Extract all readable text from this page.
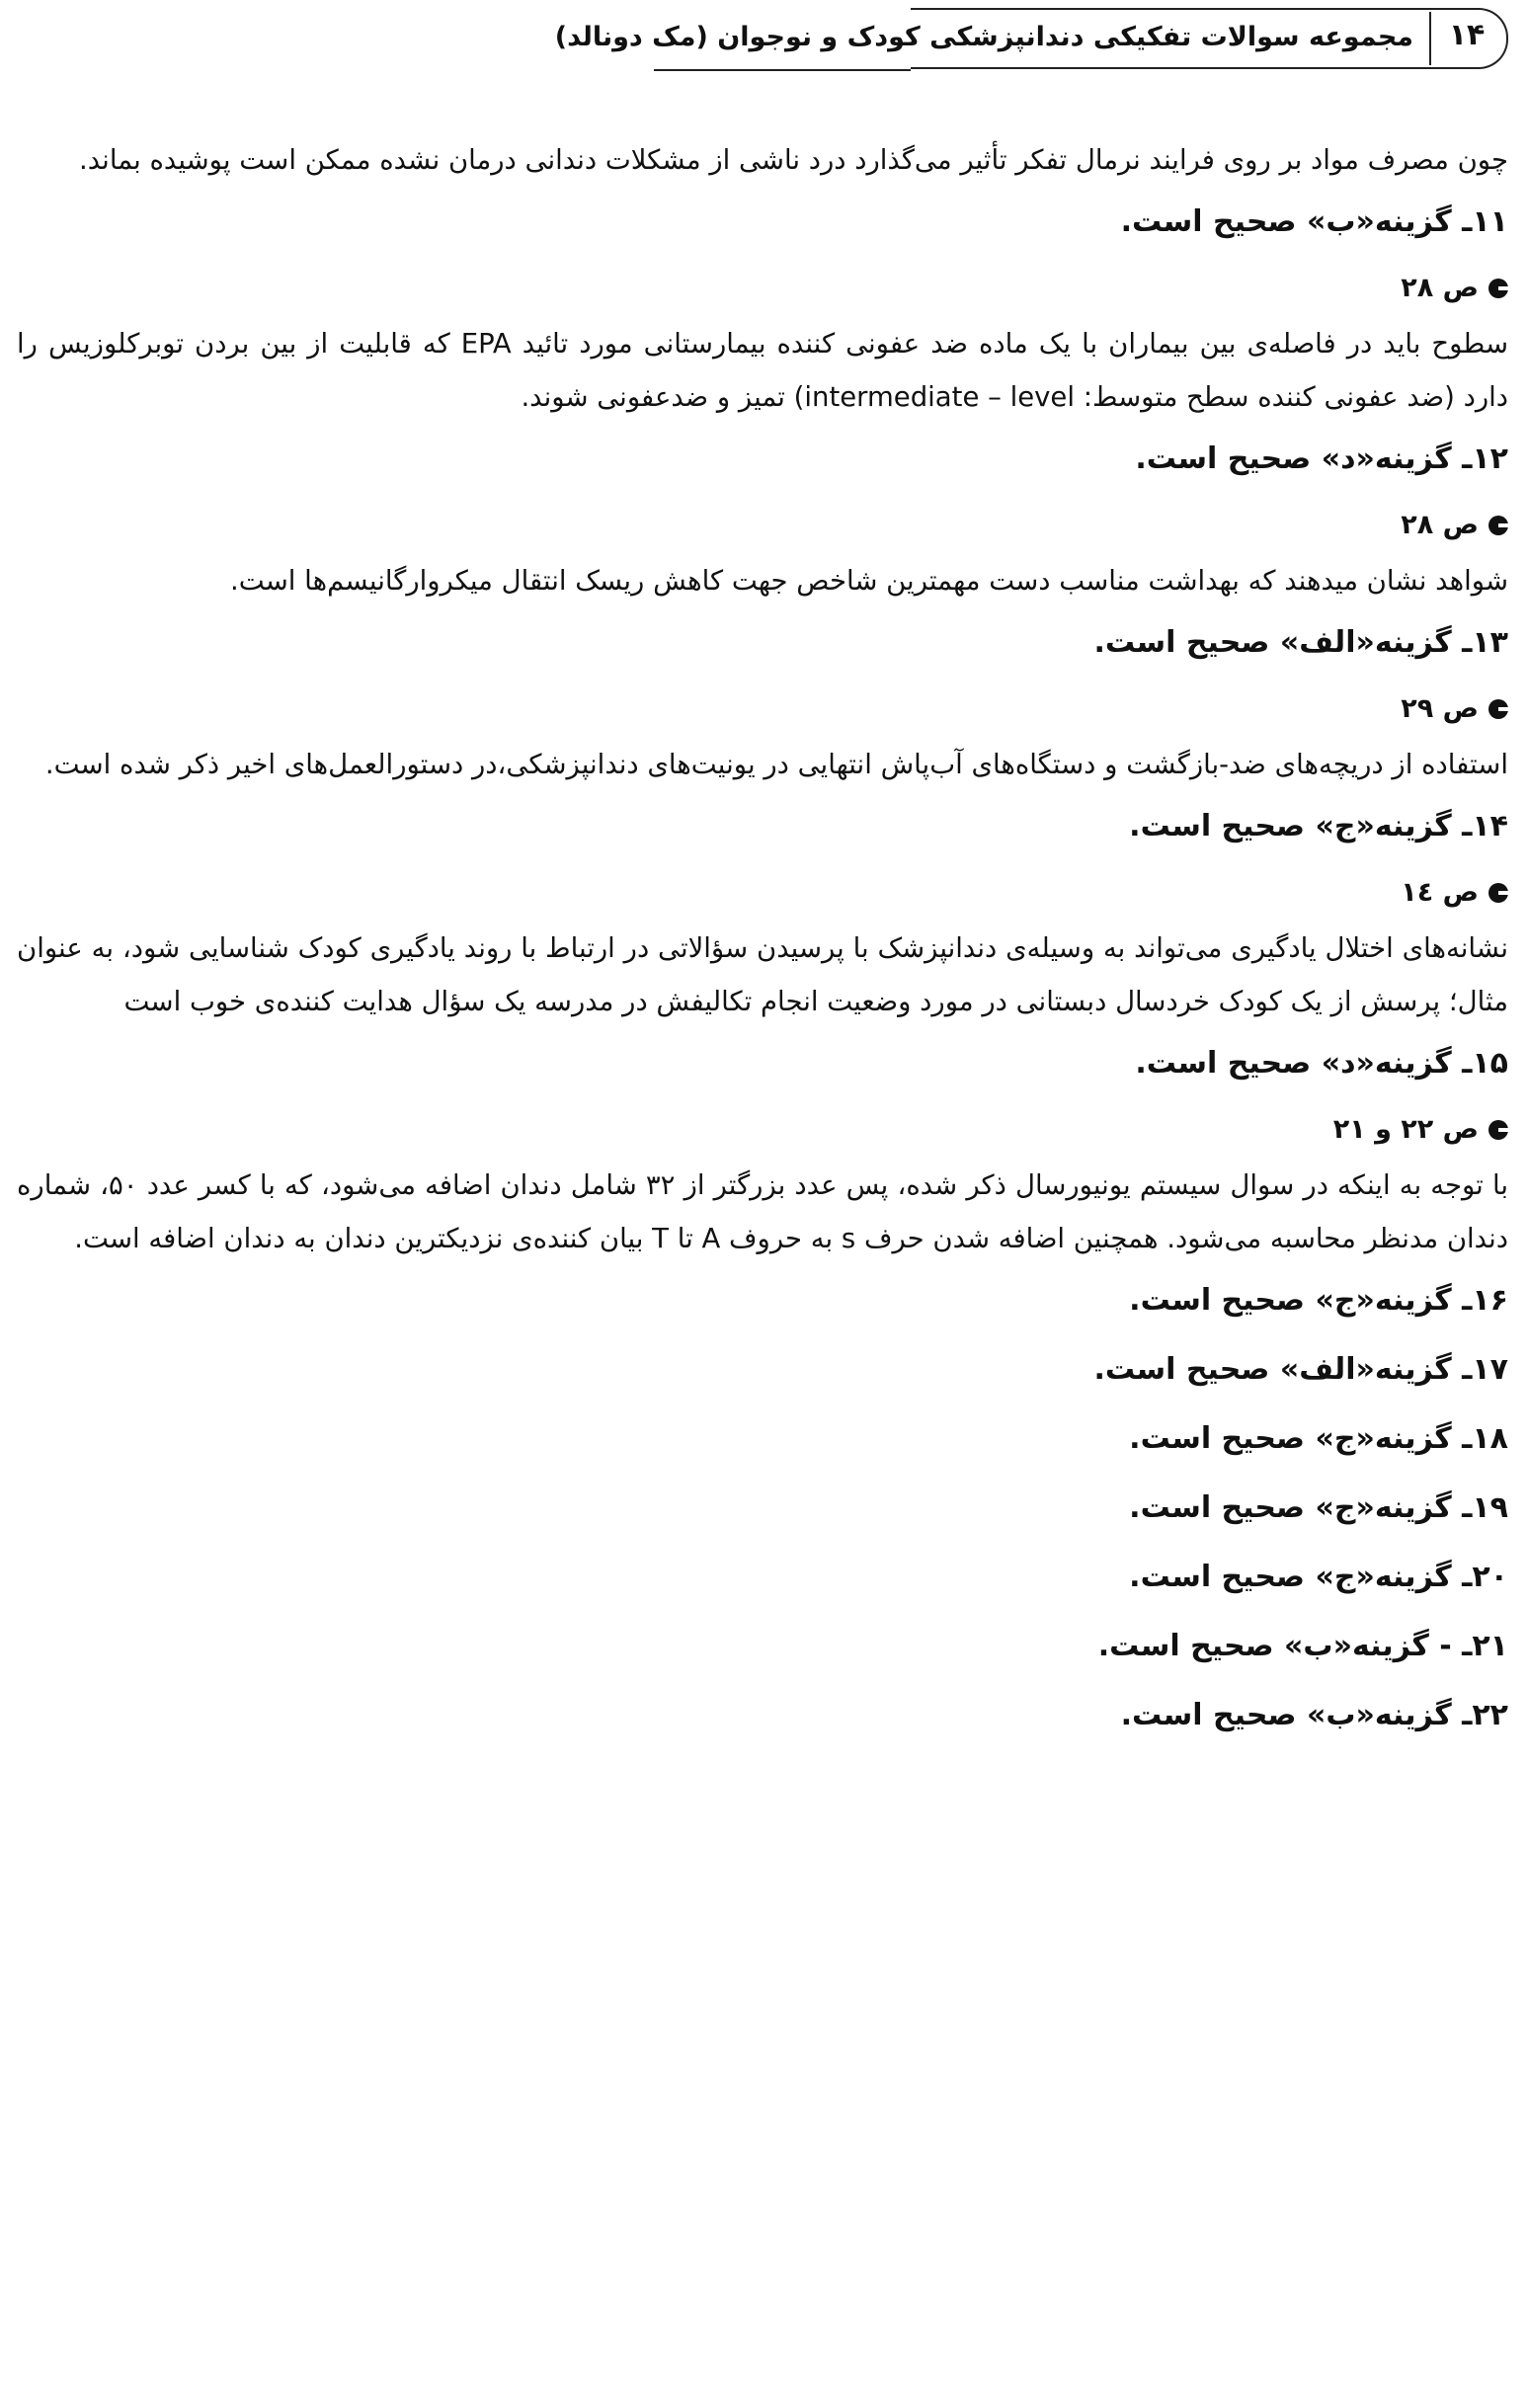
۱۴
مجموعه سوالات تفکیکی دندانپزشکی کودک و نوجوان (مک دونالد)

چون مصرف مواد بر روی فرایند نرمال تفکر تأثیر می‌گذارد درد ناشی از مشکلات دندانی درمان نشده ممکن است پوشیده بماند.

۱۱ـ گزینه«ب» صحیح است.
ص ۲۸

سطوح باید در فاصله‌ی بین بیماران با یک ماده ضد عفونی کننده بیمارستانی مورد تائید EPA که قابلیت از بین بردن توبرکلوزیس را دارد (ضد عفونی کننده سطح متوسط: intermediate – level) تمیز و ضدعفونی شوند.

۱۲ـ گزینه«د» صحیح است.
ص ۲۸

شواهد نشان میدهند که بهداشت مناسب دست مهمترین شاخص جهت کاهش ریسک انتقال میکروارگانیسم‌ها است.

۱۳ـ گزینه«الف» صحیح است.
ص ۲۹

استفاده از دریچه‌های ضد-بازگشت و دستگاه‌های آب‌پاش انتهایی در یونیت‌های دندانپزشکی،در دستورالعمل‌های اخیر ذکر شده است.

۱۴ـ گزینه«ج» صحیح است.
ص ١٤

نشانه‌های اختلال یادگیری می‌تواند به وسیله‌ی دندانپزشک با پرسیدن سؤالاتی در ارتباط با روند یادگیری کودک شناسایی شود، به عنوان مثال؛ پرسش از یک کودک خردسال دبستانی در مورد وضعیت انجام تکالیفش در مدرسه یک سؤال هدایت کننده‌ی خوب است

۱۵ـ گزینه«د» صحیح است.
ص ۲۲ و ۲۱

با توجه به اینکه در سوال سیستم یونیورسال ذکر شده، پس عدد بزرگتر از ۳۲ شامل دندان اضافه می‌شود، که با کسر عدد ۵۰، شماره دندان مدنظر محاسبه می‌شود. همچنین اضافه شدن حرف s به حروف A تا T بیان کننده‌ی نزدیکترین دندان به دندان اضافه است.

۱۶ـ گزینه«ج» صحیح است.
۱۷ـ گزینه«الف» صحیح است.
۱۸ـ گزینه«ج» صحیح است.
۱۹ـ گزینه«ج» صحیح است.
۲۰ـ گزینه«ج» صحیح است.
۲۱ـ - گزینه«ب» صحیح است.
۲۲ـ گزینه«ب» صحیح است.
